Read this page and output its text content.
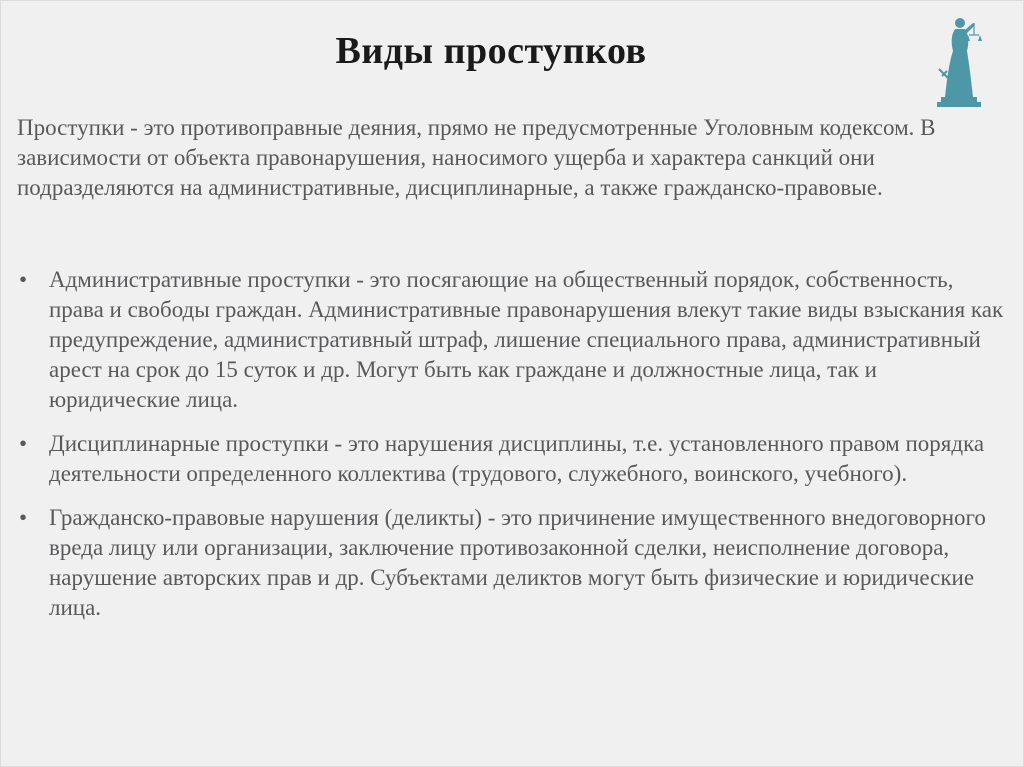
Виды проступков
Проступки - это противоправные деяния, прямо не предусмотренные Уголовным кодексом. В зависимости от объекта правонарушения, наносимого ущерба и характера санкций они подразделяются на административные, дисциплинарные, а также гражданско-правовые.
• Административные проступки - это посягающие на общественный порядок, собственность, права и свободы граждан. Административные правонарушения влекут такие виды взыскания как предупреждение, административный штраф, лишение специального права, административный арест на срок до 15 суток и др. Могут быть как граждане и должностные лица, так и юридические лица.
• Дисциплинарные проступки - это нарушения дисциплины, т.е. установленного правом порядка деятельности определенного коллектива (трудового, служебного, воинского, учебного).
• Гражданско-правовые нарушения (деликты) - это причинение имущественного внедоговорного вреда лицу или организации, заключение противозаконной сделки, неисполнение договора, нарушение авторских прав и др. Субъектами деликтов могут быть физические и юридические лица.
